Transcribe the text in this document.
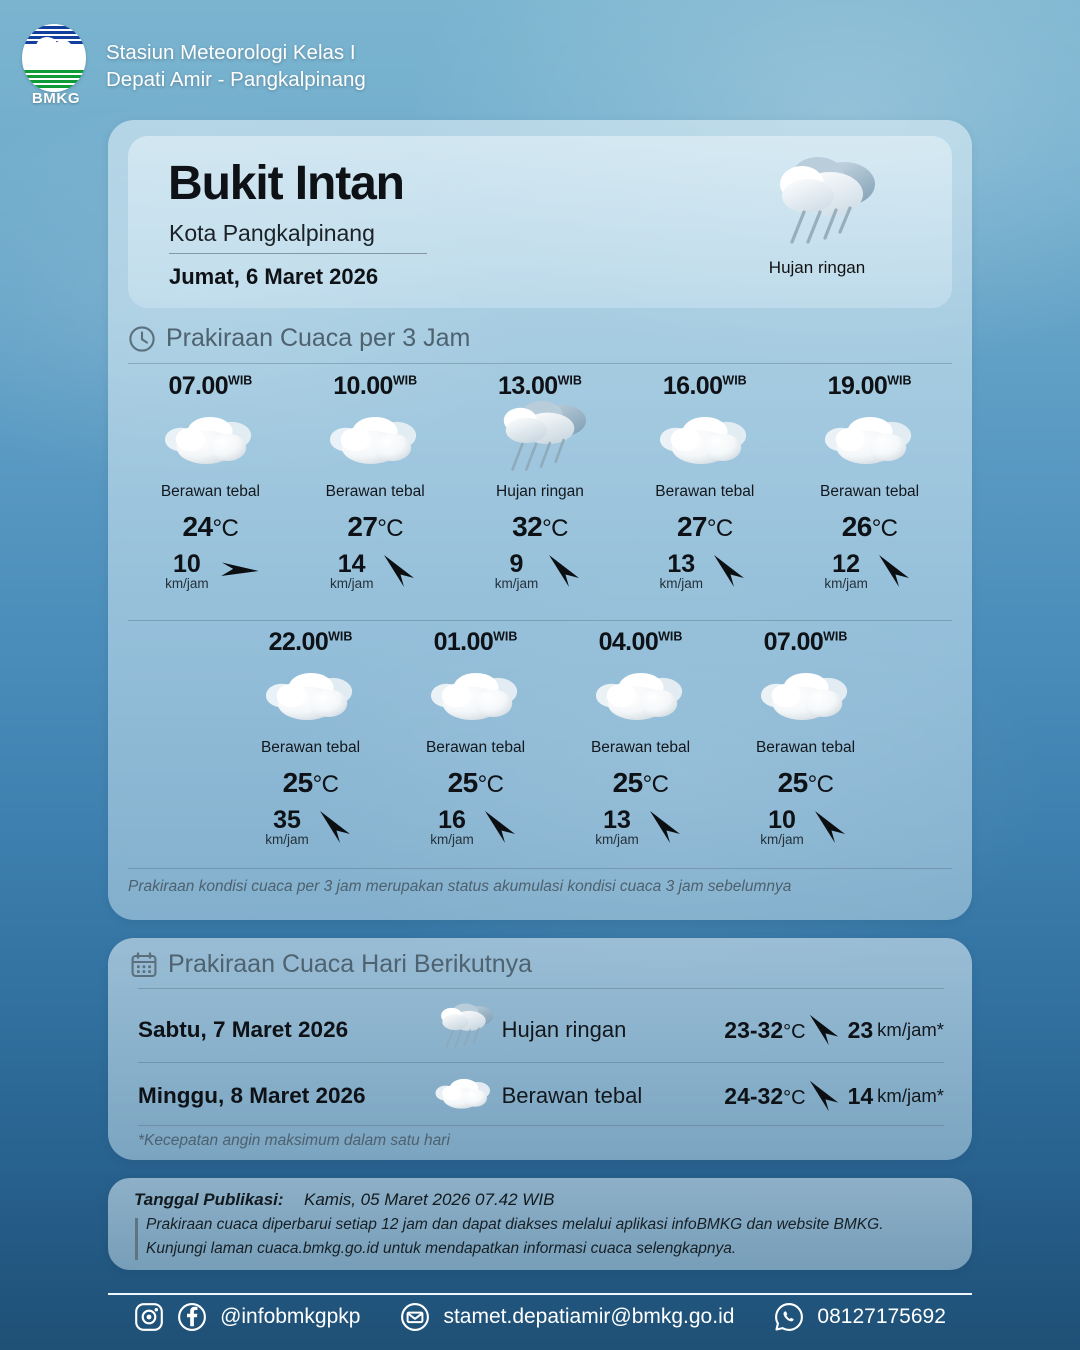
BMKG
Stasiun Meteorologi Kelas I
Depati Amir - Pangkalpinang
Bukit Intan
Kota Pangkalpinang
Jumat, 6 Maret 2026	Hujan ringan
Prakiraan Cuaca per 3 Jam
$07.00^{WIB}$
Berawan tebal
24°C
10
km/jam
$10.00^{WIB}$
Berawan tebal
27°C
14
km/jam
$13.00^{WIB}$
Hujan ringan
32°C
9
km/jam
$16.00^{WIB}$
Berawan tebal
27°C
13
km/jam
$19.00^{WIB}$
Berawan tebal
26°C
12
km/jam
$22.00^{WIB}$
Berawan tebal
25°C
35
km/jam
$01.00^{WIB}$
Berawan tebal
25°C
16
km/jam
$04.00^{WIB}$
Berawan tebal
25°C
13
km/jam
$07.00^{WIB}$
Berawan tebal
25°C
10
km/jam
Prakiraan kondisi cuaca per 3 jam merupakan status akumulasi kondisi cuaca 3 jam sebelumnya
Prakiraan Cuaca Hari Berikutnya
Sabtu, 7 Maret 2026	Hujan ringan	23-32°C 23 km/jam*
Minggu, 8 Maret 2026	Berawan tebal	24-32°C 14 km/jam*
*Kecepatan angin maksimum dalam satu hari
Tanggal Publikasi: Kamis, 05 Maret 2026 07.42 WIB
Prakiraan cuaca diperbarui setiap 12 jam dan dapat diakses melalui aplikasi infoBMKG dan website BMKG.
Kunjungi laman cuaca.bmkg.go.id untuk mendapatkan informasi cuaca selengkapnya.
@infobmkgpkp	stamet.depatiamir@bmkg.go.id	08127175692
